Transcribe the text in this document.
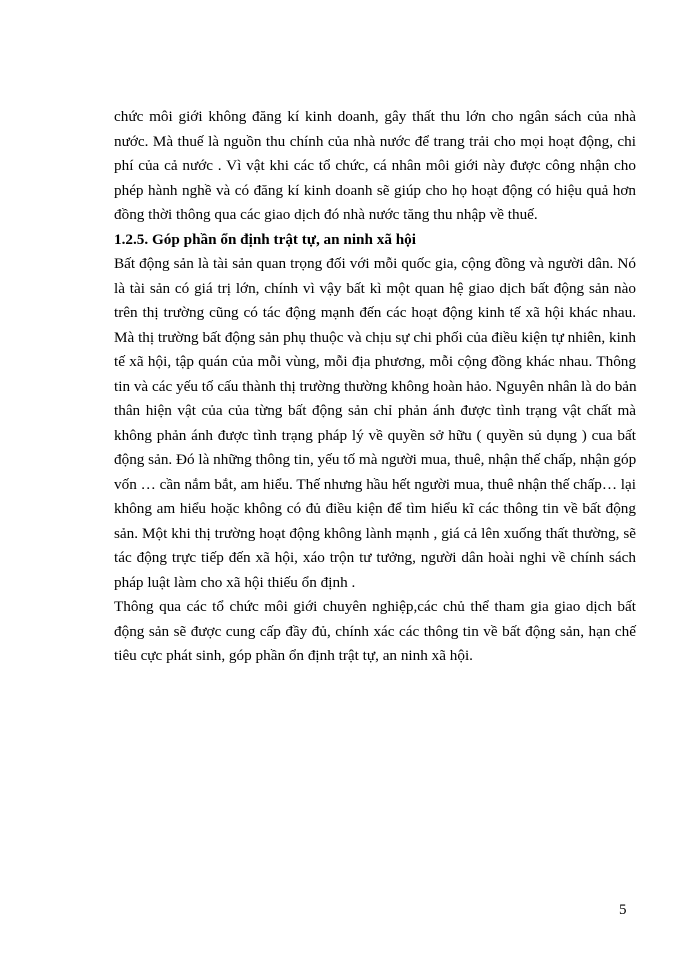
chức môi giới không đăng kí kinh doanh, gây thất thu lớn cho ngân sách của nhà
nước. Mà thuế là nguồn thu chính của nhà nước để trang trải cho mọi hoạt động, chi
phí của cả nước . Vì vật khi các tổ chức, cá nhân môi giới này được công nhận cho
phép hành nghề và có đăng kí kinh doanh sẽ giúp cho họ hoạt động có hiệu quả hơn
đồng thời thông qua các giao dịch đó nhà nước tăng thu nhập về thuế.
1.2.5. Góp phần ổn định trật tự, an ninh xã hội
Bất động sản là tài sản quan trọng đối với mỗi quốc gia, cộng đồng và người dân. Nó
là tài sản có giá trị lớn, chính vì vậy bất kì một quan hệ giao dịch bất động sản nào
trên thị trường cũng có tác động mạnh đến các hoạt động kinh tế xã hội khác nhau.
Mà thị trường bất động sản phụ thuộc và chịu sự chi phối của điều kiện tự nhiên, kinh
tế xã hội, tập quán của mỗi vùng, mỗi địa phương, mỗi cộng đồng khác nhau. Thông
tin và các yếu tố cấu thành thị trường thường không hoàn hảo. Nguyên nhân là do bản
thân hiện vật của của từng bất động sản chỉ phản ánh được tình trạng vật chất mà
không phản ánh được tình trạng pháp lý về quyền sở hữu ( quyền sủ dụng ) cua bất
động sản. Đó là những thông tin, yếu tố mà người mua, thuê, nhận thế chấp, nhận góp
vốn … cần nắm bắt, am hiểu. Thế nhưng hầu hết người mua, thuê nhận thế chấp… lại
không am hiểu hoặc không có đủ điều kiện để tìm hiểu kĩ các thông tin về bất động
sản. Một khi thị trường hoạt động không lành mạnh , giá cả lên xuống thất thường, sẽ
tác động trực tiếp đến xã hội, xáo trộn tư tưởng, người dân hoài nghi về chính sách
pháp luật làm cho xã hội thiếu ổn định .
Thông qua các tổ chức môi giới chuyên nghiệp,các chủ thể tham gia giao dịch bất
động sản sẽ được cung cấp đầy đủ, chính xác các thông tin về bất động sản, hạn chế
tiêu cực phát sinh, góp phần ổn định trật tự, an ninh xã hội.
5
